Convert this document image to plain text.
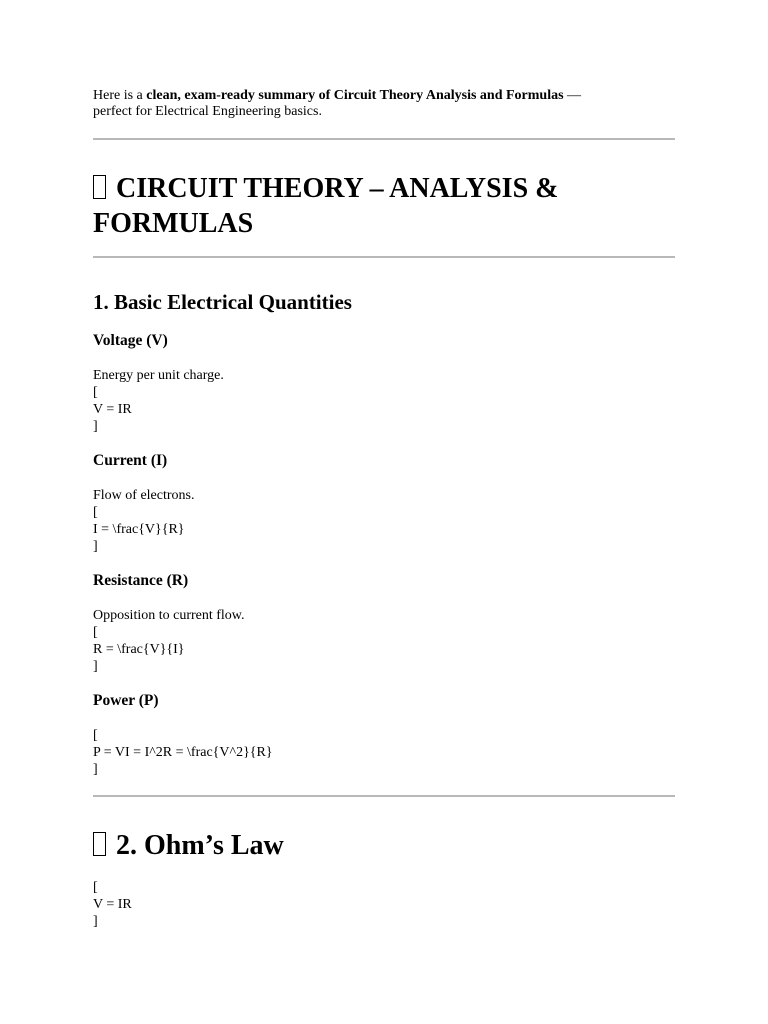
Here is a clean, exam-ready summary of Circuit Theory Analysis and Formulas —
perfect for Electrical Engineering basics.
CIRCUIT THEORY – ANALYSIS &
FORMULAS
1. Basic Electrical Quantities
Voltage (V)
Energy per unit charge.
[
V = IR
]
Current (I)
Flow of electrons.
[
I = \frac{V}{R}
]
Resistance (R)
Opposition to current flow.
[
R = \frac{V}{I}
]
Power (P)
[
P = VI = I^2R = \frac{V^2}{R}
]
2. Ohm’s Law
[
V = IR
]
